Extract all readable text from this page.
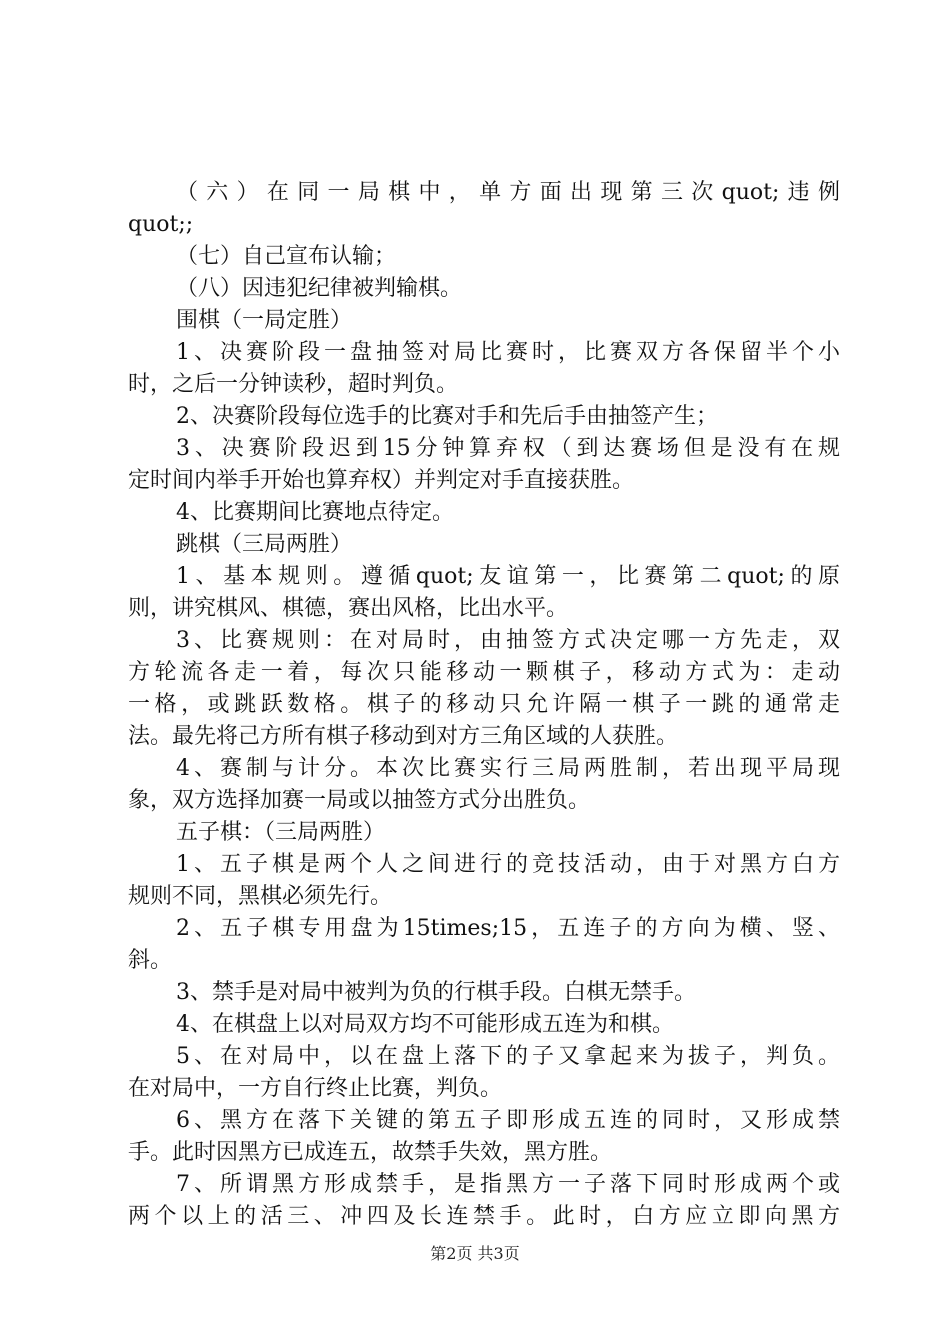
（六）在同一局棋中，单方面出现第三次quot;违例
quot;;
（七）自己宣布认输；
（八）因违犯纪律被判输棋。
围棋（一局定胜）
1、决赛阶段一盘抽签对局比赛时，比赛双方各保留半个小
时，之后一分钟读秒，超时判负。
2、决赛阶段每位选手的比赛对手和先后手由抽签产生；
3、决赛阶段迟到15分钟算弃权（到达赛场但是没有在规
定时间内举手开始也算弃权）并判定对手直接获胜。
4、比赛期间比赛地点待定。
跳棋（三局两胜）
1、基本规则。遵循quot;友谊第一，比赛第二quot;的原
则，讲究棋风、棋德，赛出风格，比出水平。
3、比赛规则：在对局时，由抽签方式决定哪一方先走，双
方轮流各走一着，每次只能移动一颗棋子，移动方式为：走动
一格，或跳跃数格。棋子的移动只允许隔一棋子一跳的通常走
法。最先将己方所有棋子移动到对方三角区域的人获胜。
4、赛制与计分。本次比赛实行三局两胜制，若出现平局现
象，双方选择加赛一局或以抽签方式分出胜负。
五子棋：（三局两胜）
1、五子棋是两个人之间进行的竞技活动，由于对黑方白方
规则不同，黑棋必须先行。
2、五子棋专用盘为15times;15，五连子的方向为横、竖、
斜。
3、禁手是对局中被判为负的行棋手段。白棋无禁手。
4、在棋盘上以对局双方均不可能形成五连为和棋。
5、在对局中，以在盘上落下的子又拿起来为拔子，判负。
在对局中，一方自行终止比赛，判负。
6、黑方在落下关键的第五子即形成五连的同时，又形成禁
手。此时因黑方已成连五，故禁手失效，黑方胜。
7、所谓黑方形成禁手，是指黑方一子落下同时形成两个或
两个以上的活三、冲四及长连禁手。此时，白方应立即向黑方
第2页 共3页
